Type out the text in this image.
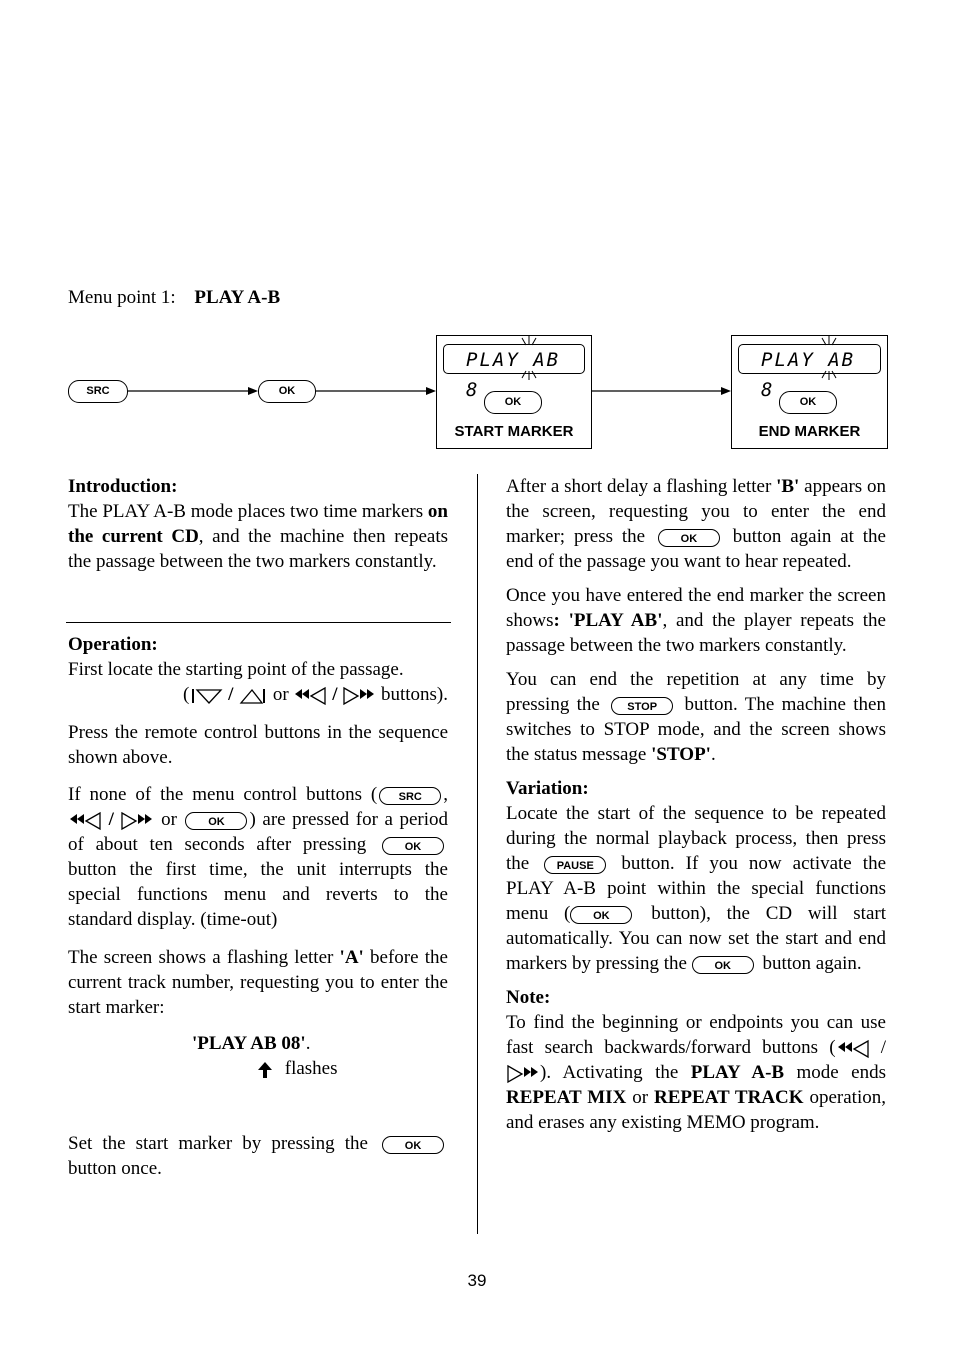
Menu point 1: PLAY A-B
SRC	OK
PLAY AB 8
OK
START MARKER
PLAY AB 8
OK
END MARKER

Introduction:

The PLAY A-B mode places two time markers on the current CD, and the machine then repeats the passage between the two markers constantly.

Operation:

First locate the starting point of the passage.

( / or / buttons).

Press the remote control buttons in the sequence shown above.

If none of the menu control buttons ( SRC ,  / or	OK ) are pressed for a period of about ten seconds after pressing	OK button the first time, the unit interrupts the special functions menu and reverts to the standard display. (time-out)

The screen shows a flashing letter 'A' before the current track number, requesting you to enter the start marker:

'PLAY AB 08'.

flashes

Set the start marker by pressing the	OK button once.

After a short delay a flashing letter 'B' appears on the screen, requesting you to enter the end marker; press the	OK button again at the end of the passage you want to hear repeated.

Once you have entered the end marker the screen shows: 'PLAY AB', and the player repeats the passage between the two markers constantly.

You can end the repetition at any time by pressing the STOP button. The machine then switches to STOP mode, and the screen shows the status message 'STOP'.

Variation:

Locate the start of the sequence to be repeated during the normal playback process, then press the	PAUSE button. If you now activate the PLAY A-B point within the special functions menu ( OK button), the CD will start automatically. You can now set the start and end markers by pressing the	OK button again.

Note:

To find the beginning or endpoints you can use fast search backwards/forward buttons ( / ). Activating the PLAY A-B mode ends REPEAT MIX or REPEAT TRACK operation, and erases any existing MEMO program.

39
